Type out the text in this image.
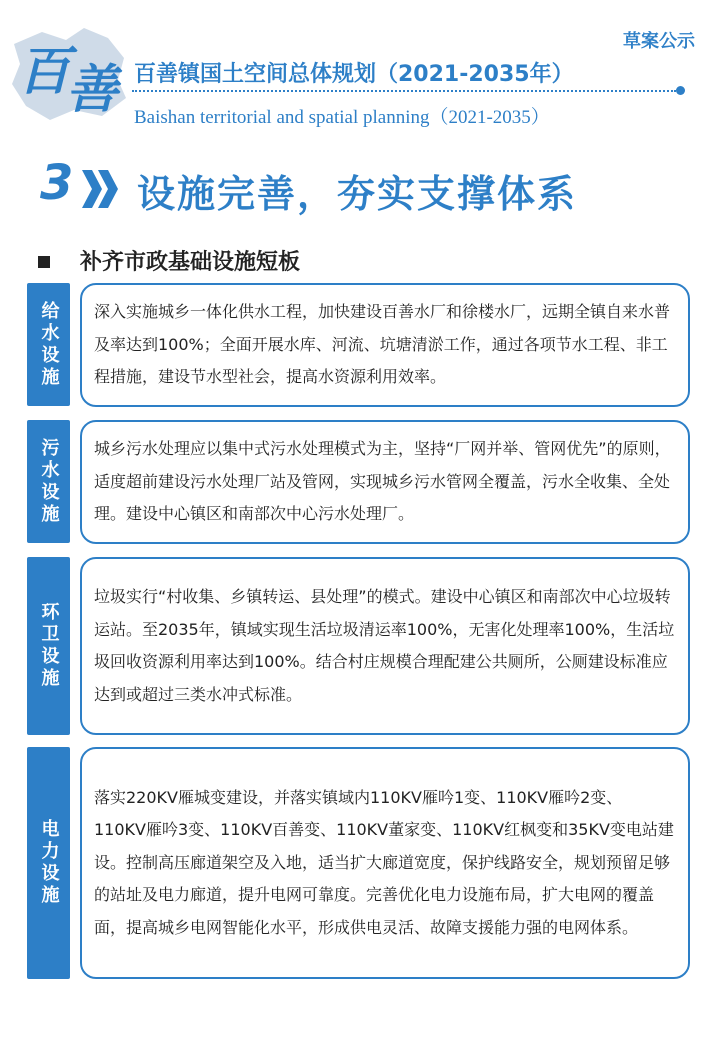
百善
草案公示
百善镇国土空间总体规划（2021-2035年）
Baishan territorial and spatial planning（2021-2035）
3 设施完善，夯实支撑体系
补齐市政基础设施短板
给水设施 深入实施城乡一体化供水工程，加快建设百善水厂和徐楼水厂，远期全镇自来水普及率达到100%；全面开展水库、河流、坑塘清淤工作，通过各项节水工程、非工程措施，建设节水型社会，提高水资源利用效率。

污水设施 城乡污水处理应以集中式污水处理模式为主，坚持“厂网并举、管网优先”的原则，适度超前建设污水处理厂站及管网，实现城乡污水管网全覆盖，污水全收集、全处理。建设中心镇区和南部次中心污水处理厂。

环卫设施

垃圾实行“村收集、乡镇转运、县处理”的模式。建设中心镇区和南部次中心垃圾转运站。至2035年，镇域实现生活垃圾清运率100%，无害化处理率100%，生活垃圾回收资源利用率达到100%。结合村庄规模合理配建公共厕所，公厕建设标准应达到或超过三类水冲式标准。

电力设施

落实220KV雁城变建设，并落实镇域内110KV雁吟1变、110KV雁吟2变、 110KV雁吟3变、110KV百善变、110KV董家变、110KV红枫变和35KV变电站建设。控制高压廊道架空及入地，适当扩大廊道宽度，保护线路安全，规划预留足够的站址及电力廊道，提升电网可靠度。完善优化电力设施布局，扩大电网的覆盖面，提高城乡电网智能化水平，形成供电灵活、故障支援能力强的电网体系。
